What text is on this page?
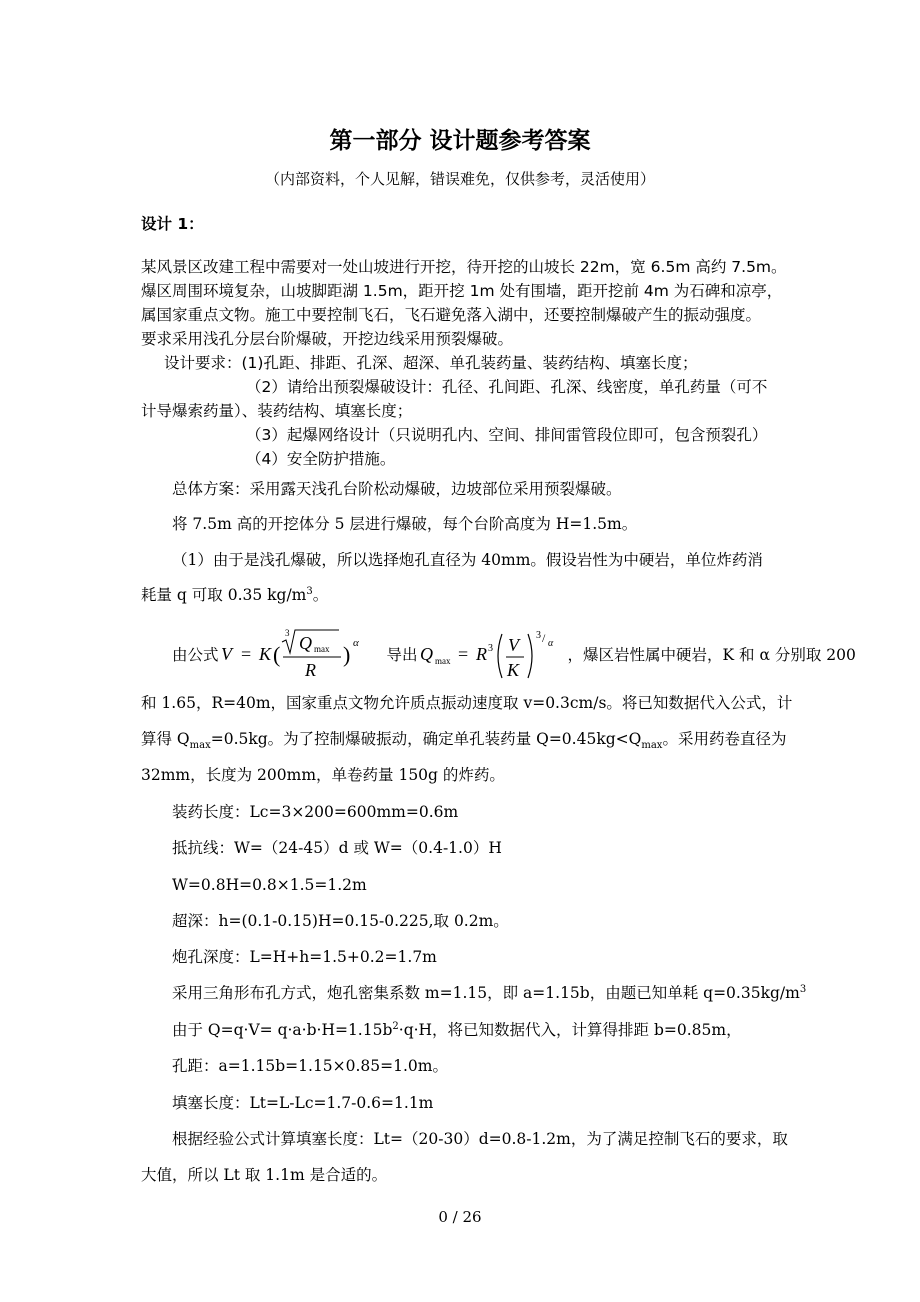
第一部分 设计题参考答案
（内部资料，个人见解，错误难免，仅供参考，灵活使用）
设计 1：
某风景区改建工程中需要对一处山坡进行开挖，待开挖的山坡长 22m，宽 6.5m 高约 7.5m。
爆区周围环境复杂，山坡脚距湖 1.5m，距开挖 1m 处有围墙，距开挖前 4m 为石碑和凉亭，
属国家重点文物。施工中要控制飞石，飞石避免落入湖中，还要控制爆破产生的振动强度。
要求采用浅孔分层台阶爆破，开挖边线采用预裂爆破。
设计要求：(1)孔距、排距、孔深、超深、单孔装药量、装药结构、填塞长度；
（2）请给出预裂爆破设计：孔径、孔间距、孔深、线密度，单孔药量（可不
计导爆索药量）、装药结构、填塞长度；
（3）起爆网络设计（只说明孔内、空间、排间雷管段位即可，包含预裂孔）
（4）安全防护措施。
总体方案：采用露天浅孔台阶松动爆破，边坡部位采用预裂爆破。
将 7.5m 高的开挖体分 5 层进行爆破，每个台阶高度为 H=1.5m。
（1）由于是浅孔爆破，所以选择炮孔直径为 40mm。假设岩性为中硬岩，单位炸药消
耗量 q 可取 0.35 $kg/m^3$。
由公式 V = K (
3 Q max
R
) α
导出 Q max = R 3 V
K
3 / α
，爆区岩性属中硬岩，K 和 α 分别取 200
和 1.65，R=40m，国家重点文物允许质点振动速度取 v=0.3cm/s。将已知数据代入公式，计
算得 $Q_{max}=0.5kg$。为了控制爆破振动，确定单孔装药量 $Q=0.45kg<Q_{max}$。采用药卷直径为
32mm，长度为 200mm，单卷药量 150g 的炸药。
装药长度：Lc=3×200=600mm=0.6m
抵抗线：W=（24-45）d 或 W=（0.4-1.0）H
W=0.8H=0.8×1.5=1.2m
超深：h=(0.1-0.15)H=0.15-0.225,取 0.2m。
炮孔深度：L=H+h=1.5+0.2=1.7m
采用三角形布孔方式，炮孔密集系数 m=1.15，即 a=1.15b，由题已知单耗 $q=0.35kg/m^3$
由于 $Q=q\cdot V= q\cdot a\cdot b\cdot H=1.15b^2\cdot q\cdot H$，将已知数据代入，计算得排距 b=0.85m，
孔距：a=1.15b=1.15×0.85=1.0m。
填塞长度：Lt=L-Lc=1.7-0.6=1.1m
根据经验公式计算填塞长度：Lt=（20-30）d=0.8-1.2m，为了满足控制飞石的要求，取
大值，所以 Lt 取 1.1m 是合适的。
0 / 26
